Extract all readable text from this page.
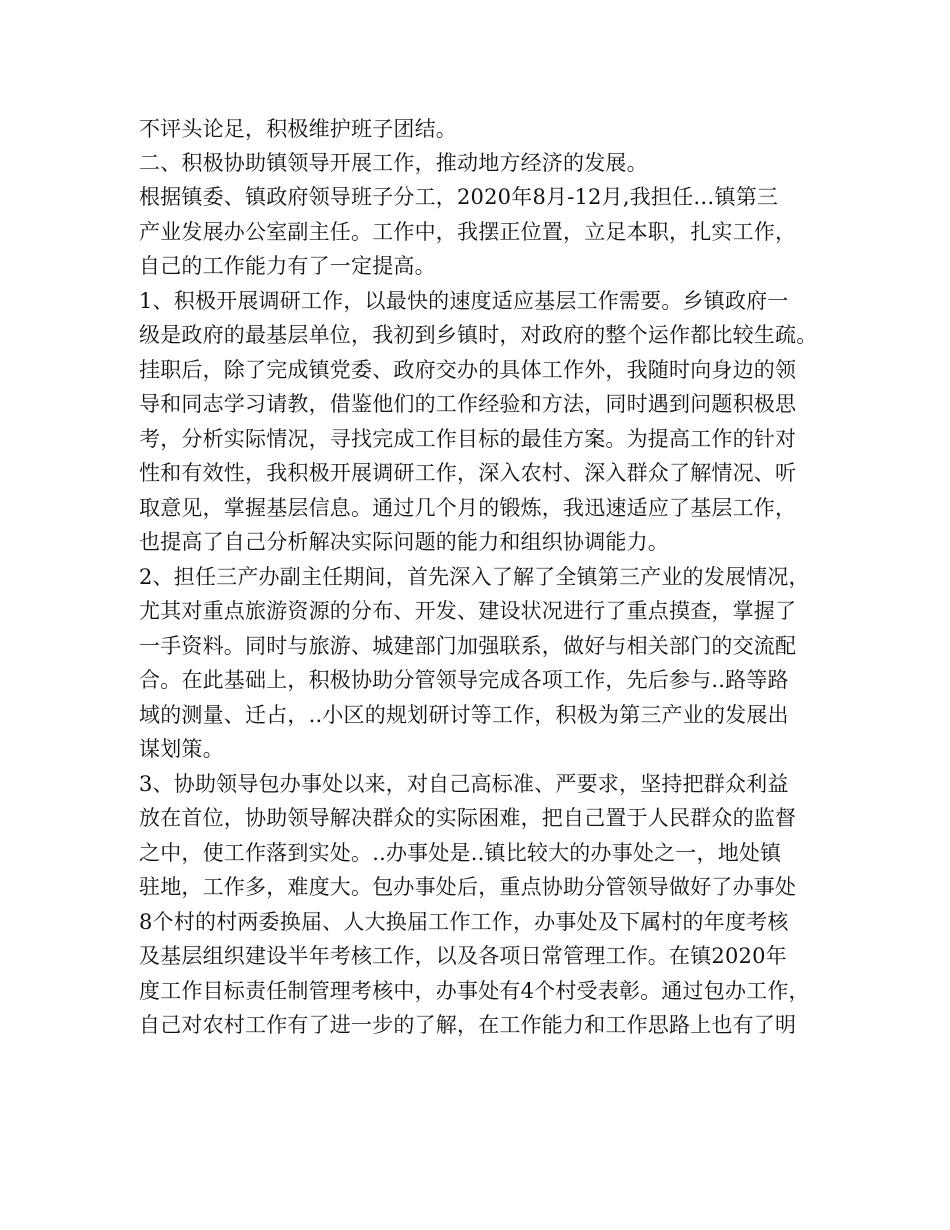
不评头论足，积极维护班子团结。
二、积极协助镇领导开展工作，推动地方经济的发展。
根据镇委、镇政府领导班子分工，2020年8月-12月,我担任…镇第三
产业发展办公室副主任。工作中，我摆正位置，立足本职，扎实工作，
自己的工作能力有了一定提高。
1、积极开展调研工作，以最快的速度适应基层工作需要。乡镇政府一
级是政府的最基层单位，我初到乡镇时，对政府的整个运作都比较生疏。
挂职后，除了完成镇党委、政府交办的具体工作外，我随时向身边的领
导和同志学习请教，借鉴他们的工作经验和方法，同时遇到问题积极思
考，分析实际情况，寻找完成工作目标的最佳方案。为提高工作的针对
性和有效性，我积极开展调研工作，深入农村、深入群众了解情况、听
取意见，掌握基层信息。通过几个月的锻炼，我迅速适应了基层工作，
也提高了自己分析解决实际问题的能力和组织协调能力。
2、担任三产办副主任期间，首先深入了解了全镇第三产业的发展情况，
尤其对重点旅游资源的分布、开发、建设状况进行了重点摸查，掌握了
一手资料。同时与旅游、城建部门加强联系，做好与相关部门的交流配
合。在此基础上，积极协助分管领导完成各项工作，先后参与..路等路
域的测量、迁占，..小区的规划研讨等工作，积极为第三产业的发展出
谋划策。
3、协助领导包办事处以来，对自己高标准、严要求，坚持把群众利益
放在首位，协助领导解决群众的实际困难，把自己置于人民群众的监督
之中，使工作落到实处。..办事处是..镇比较大的办事处之一，地处镇
驻地，工作多，难度大。包办事处后，重点协助分管领导做好了办事处
8个村的村两委换届、人大换届工作工作，办事处及下属村的年度考核
及基层组织建设半年考核工作，以及各项日常管理工作。在镇2020年
度工作目标责任制管理考核中，办事处有4个村受表彰。通过包办工作，
自己对农村工作有了进一步的了解，在工作能力和工作思路上也有了明
